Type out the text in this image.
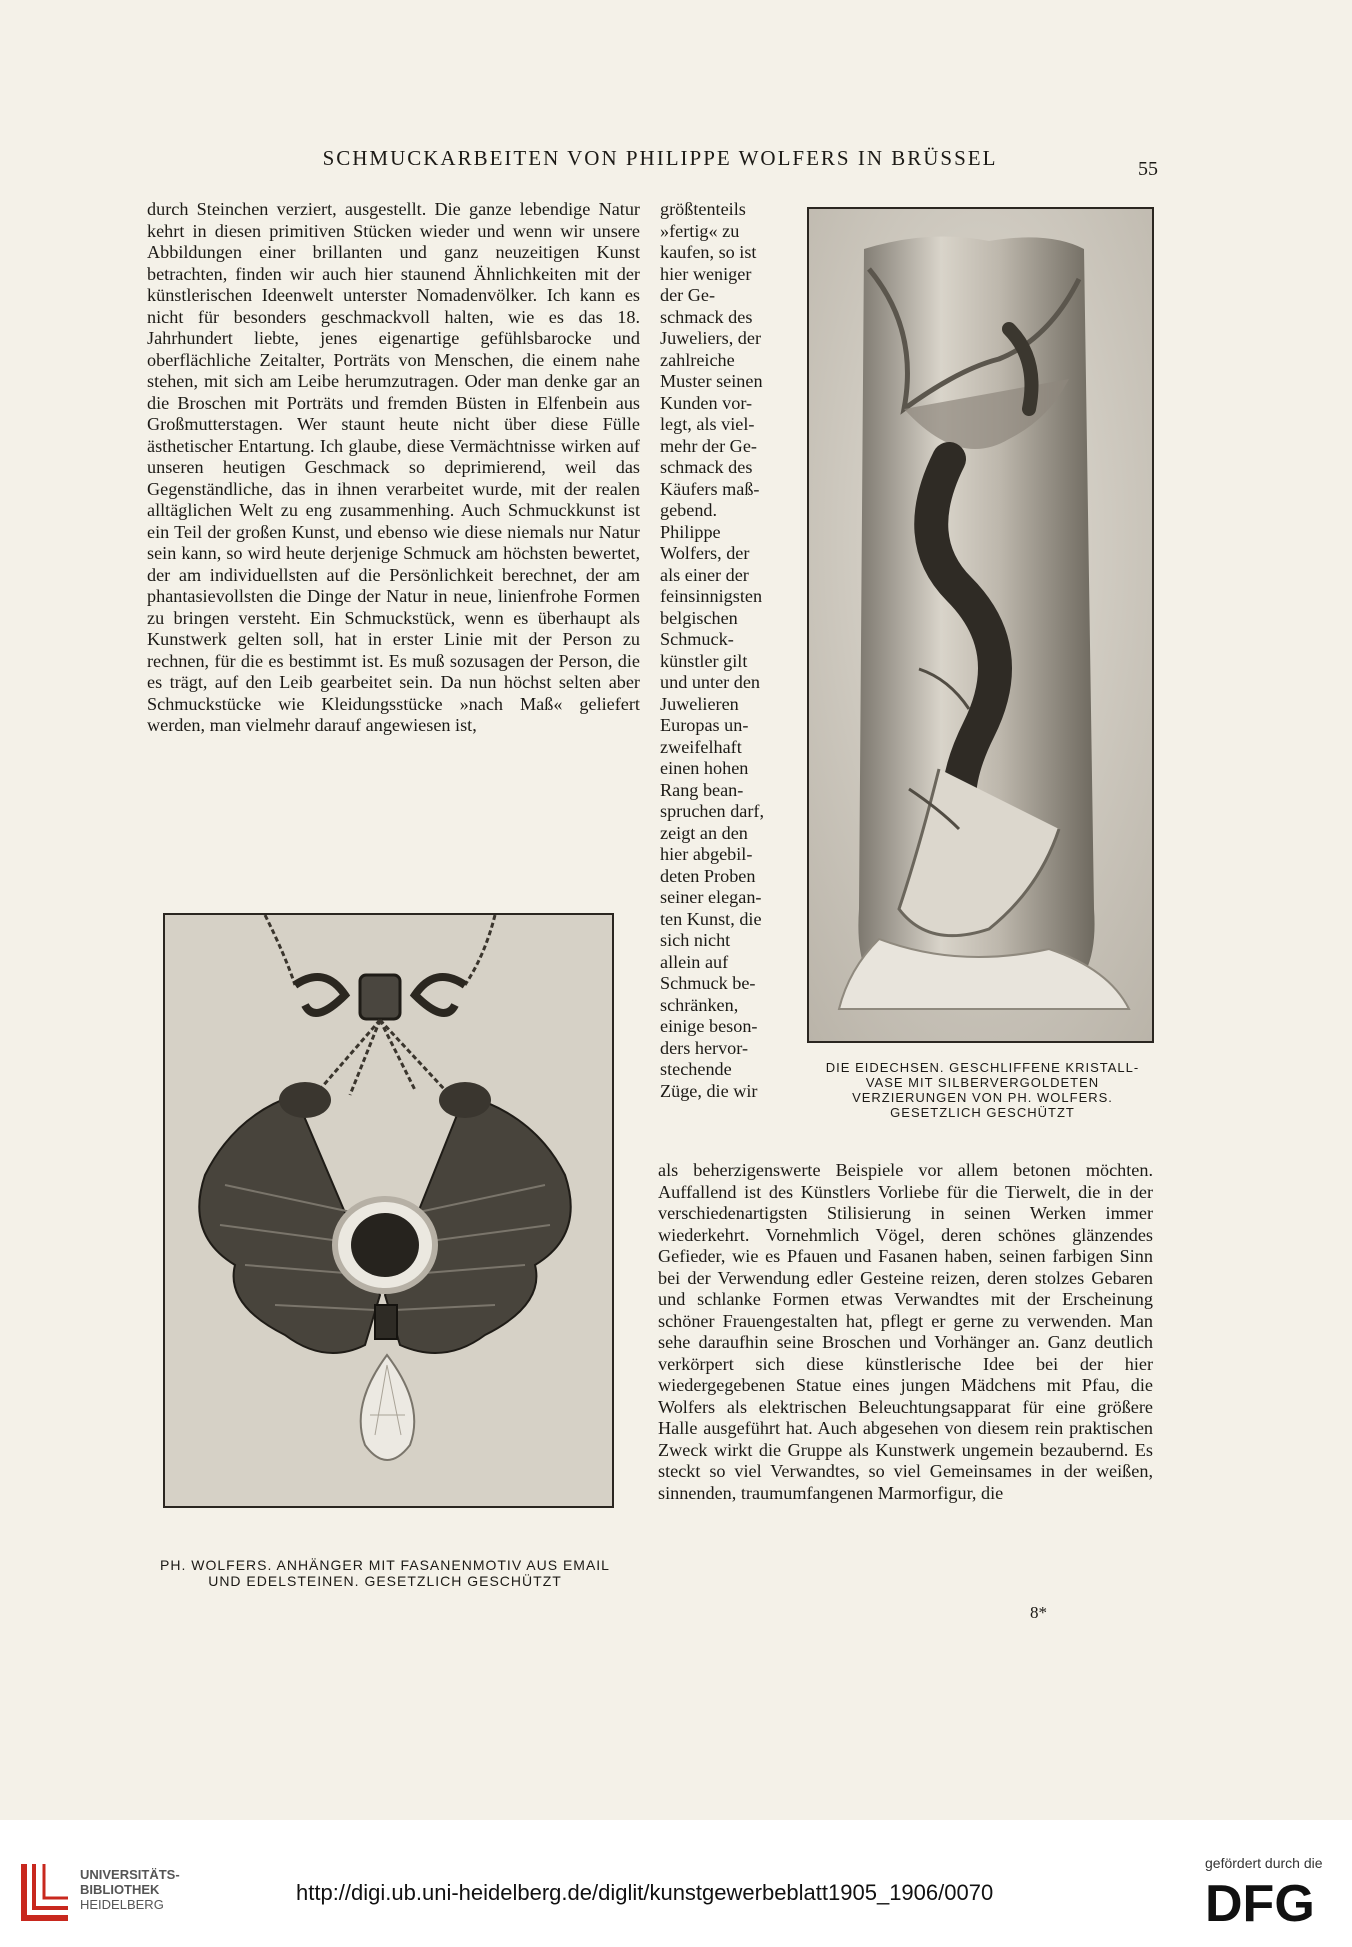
SCHMUCKARBEITEN VON PHILIPPE WOLFERS IN BRÜSSEL	55

durch Steinchen verziert, ausgestellt. Die ganze lebendige Natur kehrt in diesen primitiven Stücken wieder und wenn wir unsere Abbildungen einer brillanten und ganz neuzeitigen Kunst betrachten, finden wir auch hier staunend Ähnlichkeiten mit der künstlerischen Ideenwelt unterster Nomadenvölker. Ich kann es nicht für besonders geschmackvoll halten, wie es das 18. Jahrhundert liebte, jenes eigenartige gefühlsbarocke und oberflächliche Zeitalter, Porträts von Menschen, die einem nahe stehen, mit sich am Leibe herumzutragen. Oder man denke gar an die Broschen mit Porträts und fremden Büsten in Elfenbein aus Großmutterstagen. Wer staunt heute nicht über diese Fülle ästhetischer Entartung. Ich glaube, diese Vermächtnisse wirken auf unseren heutigen Geschmack so deprimierend, weil das Gegenständliche, das in ihnen verarbeitet wurde, mit der realen alltäglichen Welt zu eng zusammenhing. Auch Schmuckkunst ist ein Teil der großen Kunst, und ebenso wie diese niemals nur Natur sein kann, so wird heute derjenige Schmuck am höchsten bewertet, der am individuellsten auf die Persönlichkeit berechnet, der am phantasievollsten die Dinge der Natur in neue, linienfrohe Formen zu bringen versteht. Ein Schmuckstück, wenn es überhaupt als Kunstwerk gelten soll, hat in erster Linie mit der Person zu rechnen, für die es bestimmt ist. Es muß sozusagen der Person, die es trägt, auf den Leib gearbeitet sein. Da nun höchst selten aber Schmuckstücke wie Kleidungsstücke »nach Maß« geliefert werden, man vielmehr darauf angewiesen ist,

größtenteils
»fertig« zu
kaufen, so ist
hier weniger
der Ge-
schmack des
Juweliers, der
zahlreiche
Muster seinen
Kunden vor-
legt, als viel-
mehr der Ge-
schmack des
Käufers maß-
gebend.
Philippe
Wolfers, der
als einer der
feinsinnigsten
belgischen
Schmuck-
künstler gilt
und unter den
Juwelieren
Europas un-
zweifelhaft
einen hohen
Rang bean-
spruchen darf,
zeigt an den
hier abgebil-
deten Proben
seiner elegan-
ten Kunst, die
sich nicht
allein auf
Schmuck be-
schränken,
einige beson-
ders hervor-
stechende
Züge, die wir
DIE EIDECHSEN. GESCHLIFFENE KRISTALL-
VASE MIT SILBERVERGOLDETEN
VERZIERUNGEN VON PH. WOLFERS.
GESETZLICH GESCHÜTZT
PH. WOLFERS. ANHÄNGER MIT FASANENMOTIV AUS EMAIL
UND EDELSTEINEN. GESETZLICH GESCHÜTZT

als beherzigenswerte Beispiele vor allem betonen möchten. Auffallend ist des Künstlers Vorliebe für die Tierwelt, die in der verschiedenartigsten Stilisierung in seinen Werken immer wiederkehrt. Vornehmlich Vögel, deren schönes glänzendes Gefieder, wie es Pfauen und Fasanen haben, seinen farbigen Sinn bei der Verwendung edler Gesteine reizen, deren stolzes Gebaren und schlanke Formen etwas Verwandtes mit der Erscheinung schöner Frauengestalten hat, pflegt er gerne zu verwenden. Man sehe daraufhin seine Broschen und Vorhänger an. Ganz deutlich verkörpert sich diese künstlerische Idee bei der hier wiedergegebenen Statue eines jungen Mädchens mit Pfau, die Wolfers als elektrischen Beleuchtungsapparat für eine größere Halle ausgeführt hat. Auch abgesehen von diesem rein praktischen Zweck wirkt die Gruppe als Kunstwerk ungemein bezaubernd. Es steckt so viel Verwandtes, so viel Gemeinsames in der weißen, sinnenden, traumumfangenen Marmorfigur, die

8*
UNIVERSITÄTS-
BIBLIOTHEK
HEIDELBERG	http://digi.ub.uni-heidelberg.de/diglit/kunstgewerbeblatt1905_1906/0070
gefördert durch die
DFG
